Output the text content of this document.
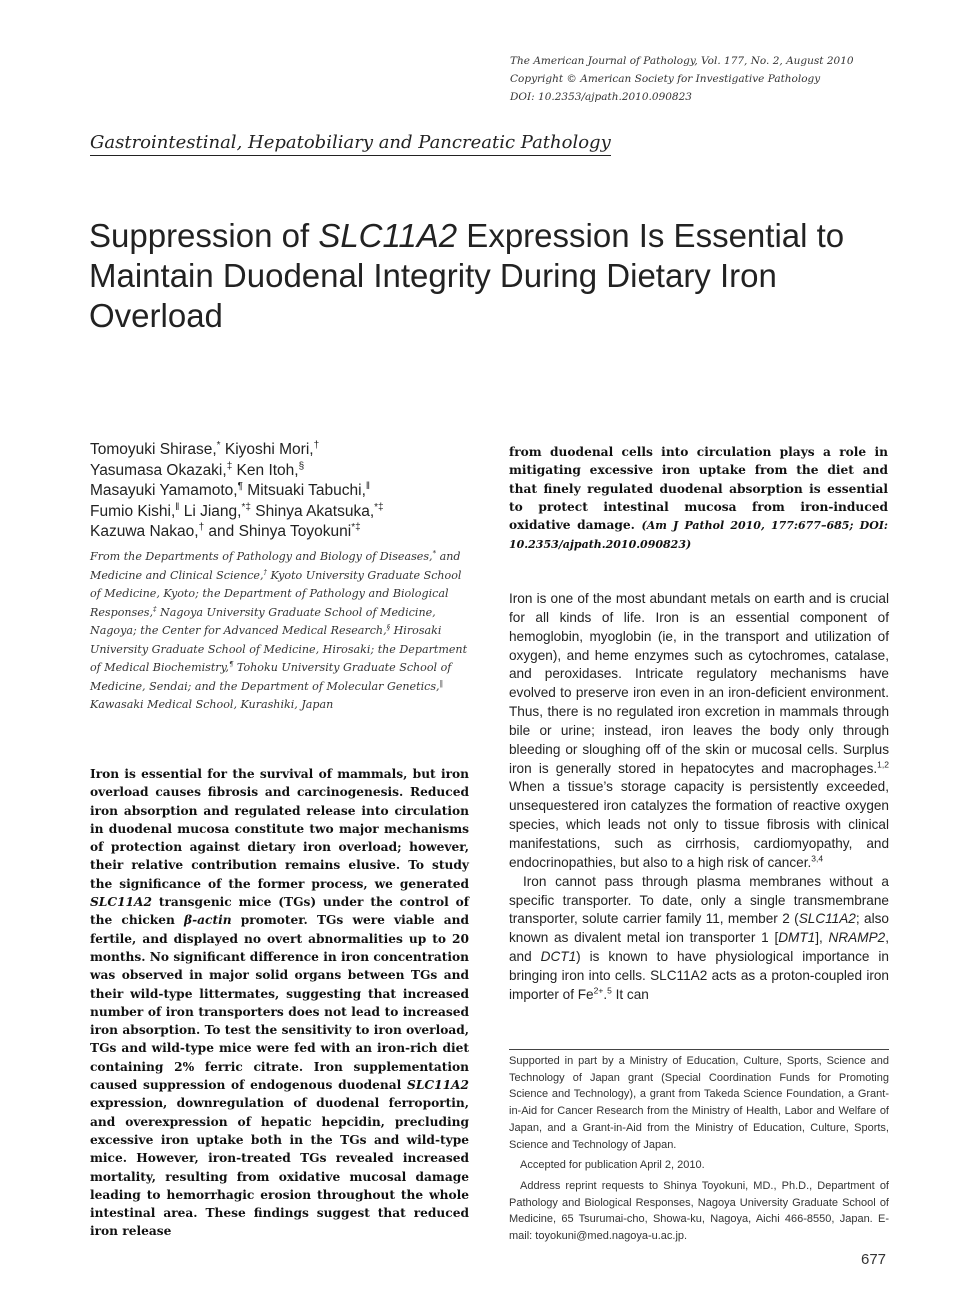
The American Journal of Pathology, Vol. 177, No. 2, August 2010
Copyright © American Society for Investigative Pathology
DOI: 10.2353/ajpath.2010.090823
Gastrointestinal, Hepatobiliary and Pancreatic Pathology
Suppression of SLC11A2 Expression Is Essential to Maintain Duodenal Integrity During Dietary Iron Overload
Tomoyuki Shirase,* Kiyoshi Mori,†
Yasumasa Okazaki,‡ Ken Itoh,§
Masayuki Yamamoto,¶ Mitsuaki Tabuchi,‖
Fumio Kishi,‖ Li Jiang,*‡ Shinya Akatsuka,*‡
Kazuwa Nakao,† and Shinya Toyokuni*‡
From the Departments of Pathology and Biology of Diseases,* and Medicine and Clinical Science,† Kyoto University Graduate School of Medicine, Kyoto; the Department of Pathology and Biological Responses,‡ Nagoya University Graduate School of Medicine, Nagoya; the Center for Advanced Medical Research,§ Hirosaki University Graduate School of Medicine, Hirosaki; the Department of Medical Biochemistry,¶ Tohoku University Graduate School of Medicine, Sendai; and the Department of Molecular Genetics,‖ Kawasaki Medical School, Kurashiki, Japan

Iron is essential for the survival of mammals, but iron overload causes fibrosis and carcinogenesis. Reduced iron absorption and regulated release into circulation in duodenal mucosa constitute two major mechanisms of protection against dietary iron overload; however, their relative contribution remains elusive. To study the significance of the former process, we generated SLC11A2 transgenic mice (TGs) under the control of the chicken β-actin promoter. TGs were viable and fertile, and displayed no overt abnormalities up to 20 months. No significant difference in iron concentration was observed in major solid organs between TGs and their wild-type littermates, suggesting that increased number of iron transporters does not lead to increased iron absorption. To test the sensitivity to iron overload, TGs and wild-type mice were fed with an iron-rich diet containing 2% ferric citrate. Iron supplementation caused suppression of endogenous duodenal SLC11A2 expression, downregulation of duodenal ferroportin, and overexpression of hepatic hepcidin, precluding excessive iron uptake both in the TGs and wild-type mice. However, iron-treated TGs revealed increased mortality, resulting from oxidative mucosal damage leading to hemorrhagic erosion throughout the whole intestinal area. These findings suggest that reduced iron release

from duodenal cells into circulation plays a role in mitigating excessive iron uptake from the diet and that finely regulated duodenal absorption is essential to protect intestinal mucosa from iron-induced oxidative damage. (Am J Pathol 2010, 177:677–685; DOI: 10.2353/ajpath.2010.090823)

Iron is one of the most abundant metals on earth and is crucial for all kinds of life. Iron is an essential component of hemoglobin, myoglobin (ie, in the transport and utilization of oxygen), and heme enzymes such as cytochromes, catalase, and peroxidases. Intricate regulatory mechanisms have evolved to preserve iron even in an iron-deficient environment. Thus, there is no regulated iron excretion in mammals through bile or urine; instead, iron leaves the body only through bleeding or sloughing off of the skin or mucosal cells. Surplus iron is generally stored in hepatocytes and macrophages.$^{1,2}$ When a tissue’s storage capacity is persistently exceeded, unsequestered iron catalyzes the formation of reactive oxygen species, which leads not only to tissue fibrosis with clinical manifestations, such as cirrhosis, cardiomyopathy, and endocrinopathies, but also to a high risk of cancer.$^{3,4}$

Iron cannot pass through plasma membranes without a specific transporter. To date, only a single transmembrane transporter, solute carrier family 11, member 2 (SLC11A2; also known as divalent metal ion transporter 1 [DMT1], NRAMP2, and DCT1) is known to have physiological importance in bringing iron into cells. SLC11A2 acts as a proton-coupled iron importer of $Fe^{2+}.^5$ It can

Supported in part by a Ministry of Education, Culture, Sports, Science and Technology of Japan grant (Special Coordination Funds for Promoting Science and Technology), a grant from Takeda Science Foundation, a Grant-in-Aid for Cancer Research from the Ministry of Health, Labor and Welfare of Japan, and a Grant-in-Aid from the Ministry of Education, Culture, Sports, Science and Technology of Japan.

Accepted for publication April 2, 2010.

Address reprint requests to Shinya Toyokuni, MD., Ph.D., Department of Pathology and Biological Responses, Nagoya University Graduate School of Medicine, 65 Tsurumai-cho, Showa-ku, Nagoya, Aichi 466-8550, Japan. E-mail: toyokuni@med.nagoya-u.ac.jp.

677
